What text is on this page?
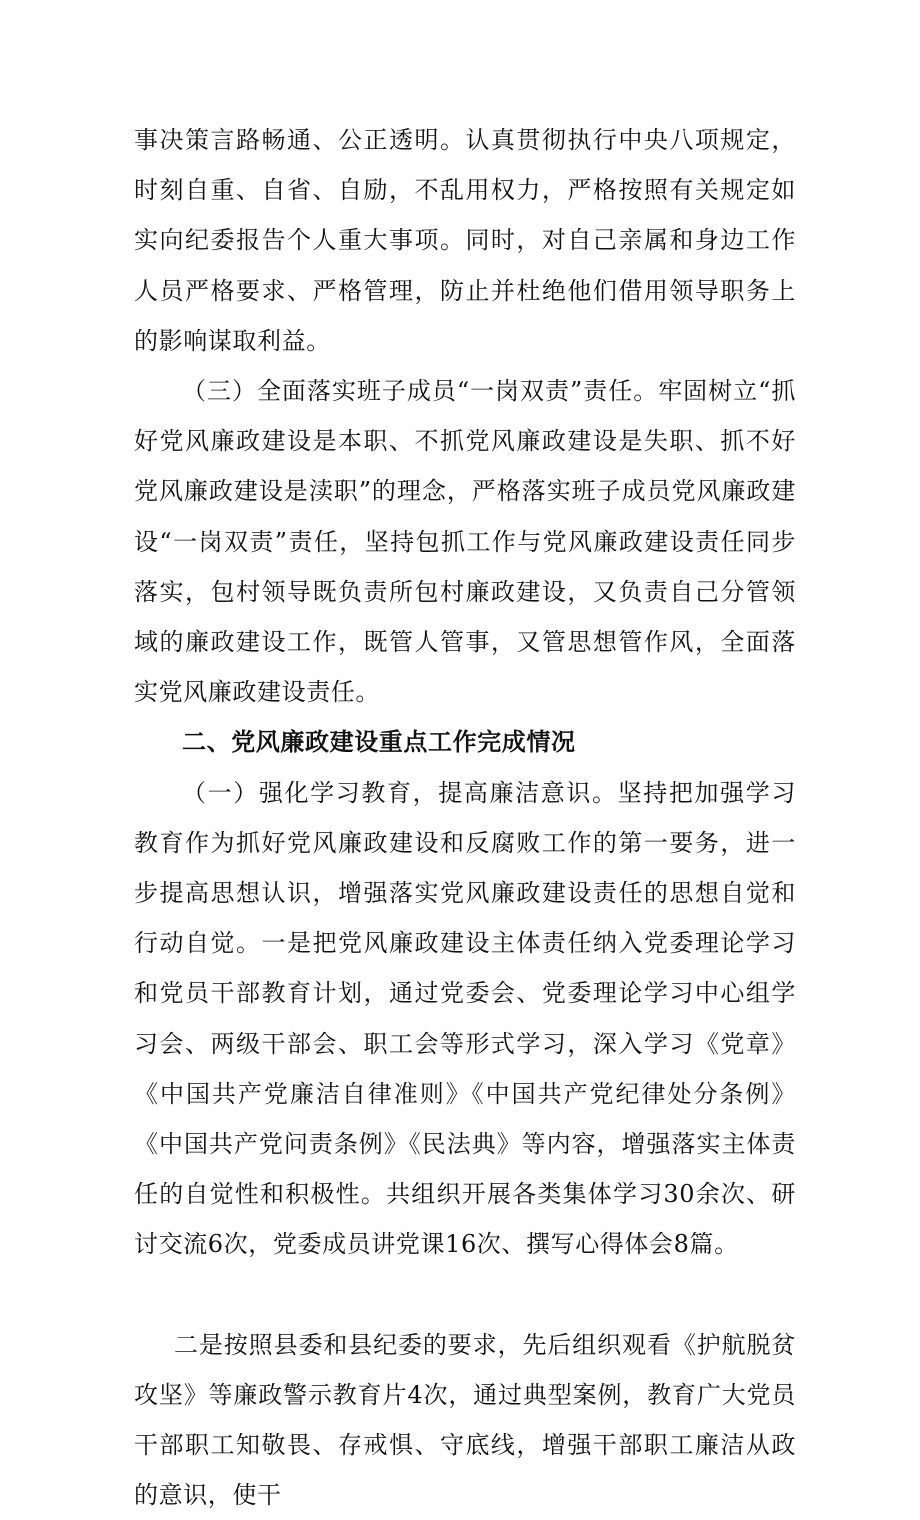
事决策言路畅通、公正透明。认真贯彻执行中央八项规定，时刻自重、自省、自励，不乱用权力，严格按照有关规定如实向纪委报告个人重大事项。同时，对自己亲属和身边工作人员严格要求、严格管理，防止并杜绝他们借用领导职务上的影响谋取利益。

（三）全面落实班子成员“一岗双责”责任。牢固树立“抓好党风廉政建设是本职、不抓党风廉政建设是失职、抓不好党风廉政建设是渎职”的理念，严格落实班子成员党风廉政建设“一岗双责”责任，坚持包抓工作与党风廉政建设责任同步落实，包村领导既负责所包村廉政建设，又负责自己分管领域的廉政建设工作，既管人管事，又管思想管作风，全面落实党风廉政建设责任。

二、党风廉政建设重点工作完成情况

（一）强化学习教育，提高廉洁意识。坚持把加强学习教育作为抓好党风廉政建设和反腐败工作的第一要务，进一步提高思想认识，增强落实党风廉政建设责任的思想自觉和行动自觉。一是把党风廉政建设主体责任纳入党委理论学习和党员干部教育计划，通过党委会、党委理论学习中心组学习会、两级干部会、职工会等形式学习，深入学习《党章》《中国共产党廉洁自律准则》《中国共产党纪律处分条例》《中国共产党问责条例》《民法典》等内容，增强落实主体责任的自觉性和积极性。共组织开展各类集体学习30余次、研讨交流6次，党委成员讲党课16次、撰写心得体会8篇。

二是按照县委和县纪委的要求，先后组织观看《护航脱贫攻坚》等廉政警示教育片4次，通过典型案例，教育广大党员干部职工知敬畏、存戒惧、守底线，增强干部职工廉洁从政的意识，使干
